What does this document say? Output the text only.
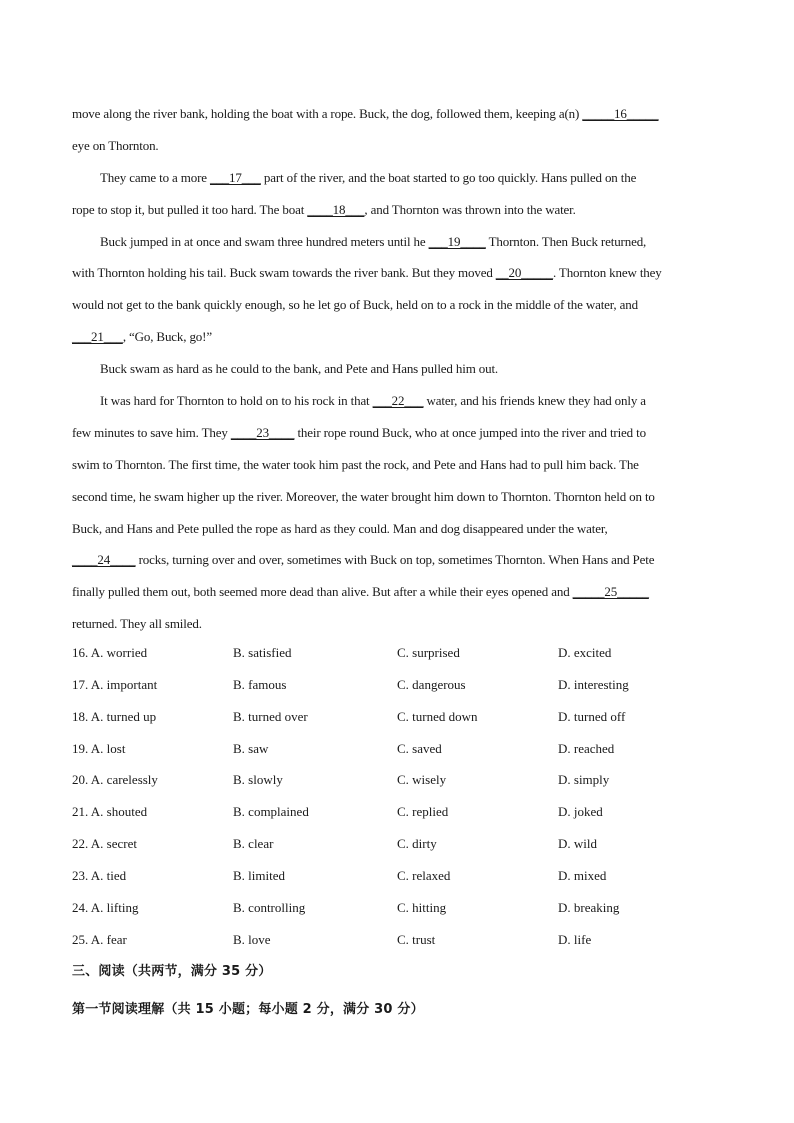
move along the river bank, holding the boat with a rope. Buck, the dog, followed them, keeping a(n) _____16_____
eye on Thornton.
They came to a more ___17___ part of the river, and the boat started to go too quickly. Hans pulled on the
rope to stop it, but pulled it too hard. The boat ____18___, and Thornton was thrown into the water.
Buck jumped in at once and swam three hundred meters until he ___19____ Thornton. Then Buck returned,
with Thornton holding his tail. Buck swam towards the river bank. But they moved __20_____. Thornton knew they
would not get to the bank quickly enough, so he let go of Buck, held on to a rock in the middle of the water, and
___21___, “Go, Buck, go!”
Buck swam as hard as he could to the bank, and Pete and Hans pulled him out.
It was hard for Thornton to hold on to his rock in that ___22___ water, and his friends knew they had only a
few minutes to save him. They ____23____ their rope round Buck, who at once jumped into the river and tried to
swim to Thornton. The first time, the water took him past the rock, and Pete and Hans had to pull him back. The
second time, he swam higher up the river. Moreover, the water brought him down to Thornton. Thornton held on to
Buck, and Hans and Pete pulled the rope as hard as they could. Man and dog disappeared under the water,
____24____ rocks, turning over and over, sometimes with Buck on top, sometimes Thornton. When Hans and Pete
finally pulled them out, both seemed more dead than alive. But after a while their eyes opened and _____25_____
returned. They all smiled.
16. A. worried	B. satisfied	C. surprised	D. excited
17. A. important	B. famous	C. dangerous	D. interesting
18. A. turned up	B. turned over	C. turned down	D. turned off
19. A. lost	B. saw	C. saved	D. reached
20. A. carelessly	B. slowly	C. wisely	D. simply
21. A. shouted	B. complained	C. replied	D. joked
22. A. secret	B. clear	C. dirty	D. wild
23. A. tied	B. limited	C. relaxed	D. mixed
24. A. lifting	B. controlling	C. hitting	D. breaking
25. A. fear	B. love	C. trust	D. life
三、阅读（共两节，满分 35 分）
第一节阅读理解（共 15 小题；每小题 2 分，满分 30 分）
